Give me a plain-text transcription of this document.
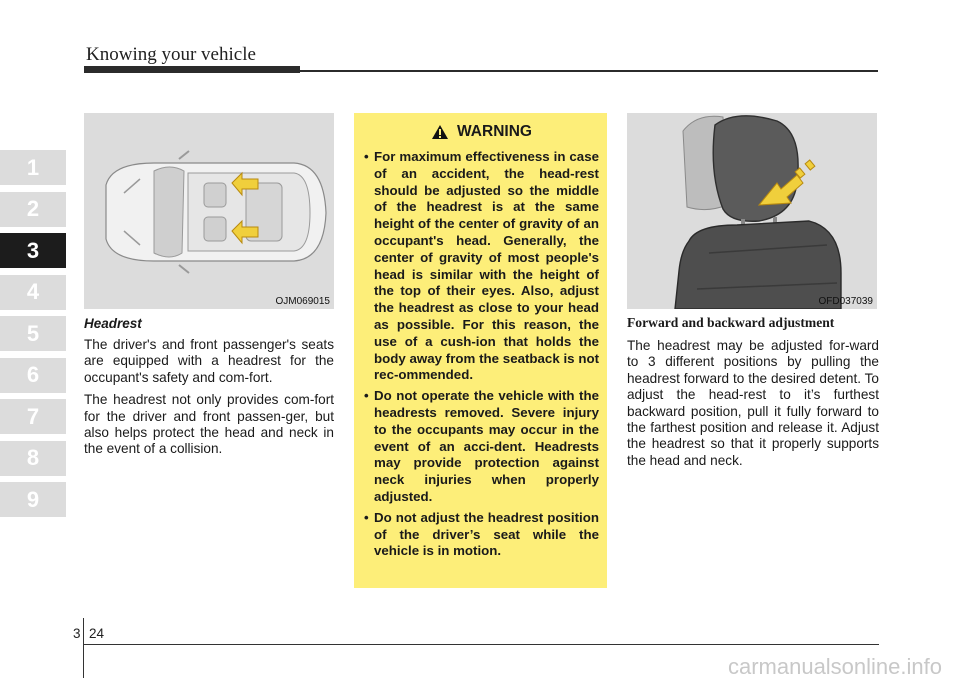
Knowing your vehicle
1
2
3
4
5
6
7
8
9
OJM069015

Headrest

The driver's and front passenger's seats are equipped with a headrest for the occupant's safety and com-fort.

The headrest not only provides com-fort for the driver and front passen-ger, but also helps protect the head and neck in the event of a collision.

WARNING
• For maximum effectiveness in case of an accident, the head-rest should be adjusted so the middle of the headrest is at the same height of the center of gravity of an occupant's head. Generally, the center of gravity of most people's head is similar with the height of the top of their eyes. Also, adjust the headrest as close to your head as possible. For this reason, the use of a cush-ion that holds the body away from the seatback is not rec-ommended.
• Do not operate the vehicle with the headrests removed. Severe injury to the occupants may occur in the event of an acci-dent. Headrests may provide protection against neck injuries when properly adjusted.
• Do not adjust the headrest position of the driver’s seat while the vehicle is in motion.
OFD037039

Forward and backward adjustment

The headrest may be adjusted for-ward to 3 different positions by pulling the headrest forward to the desired detent. To adjust the head-rest to it’s furthest backward position, pull it fully forward to the farthest position and release it. Adjust the headrest so that it properly supports the head and neck.

3 24
carmanualsonline.info
